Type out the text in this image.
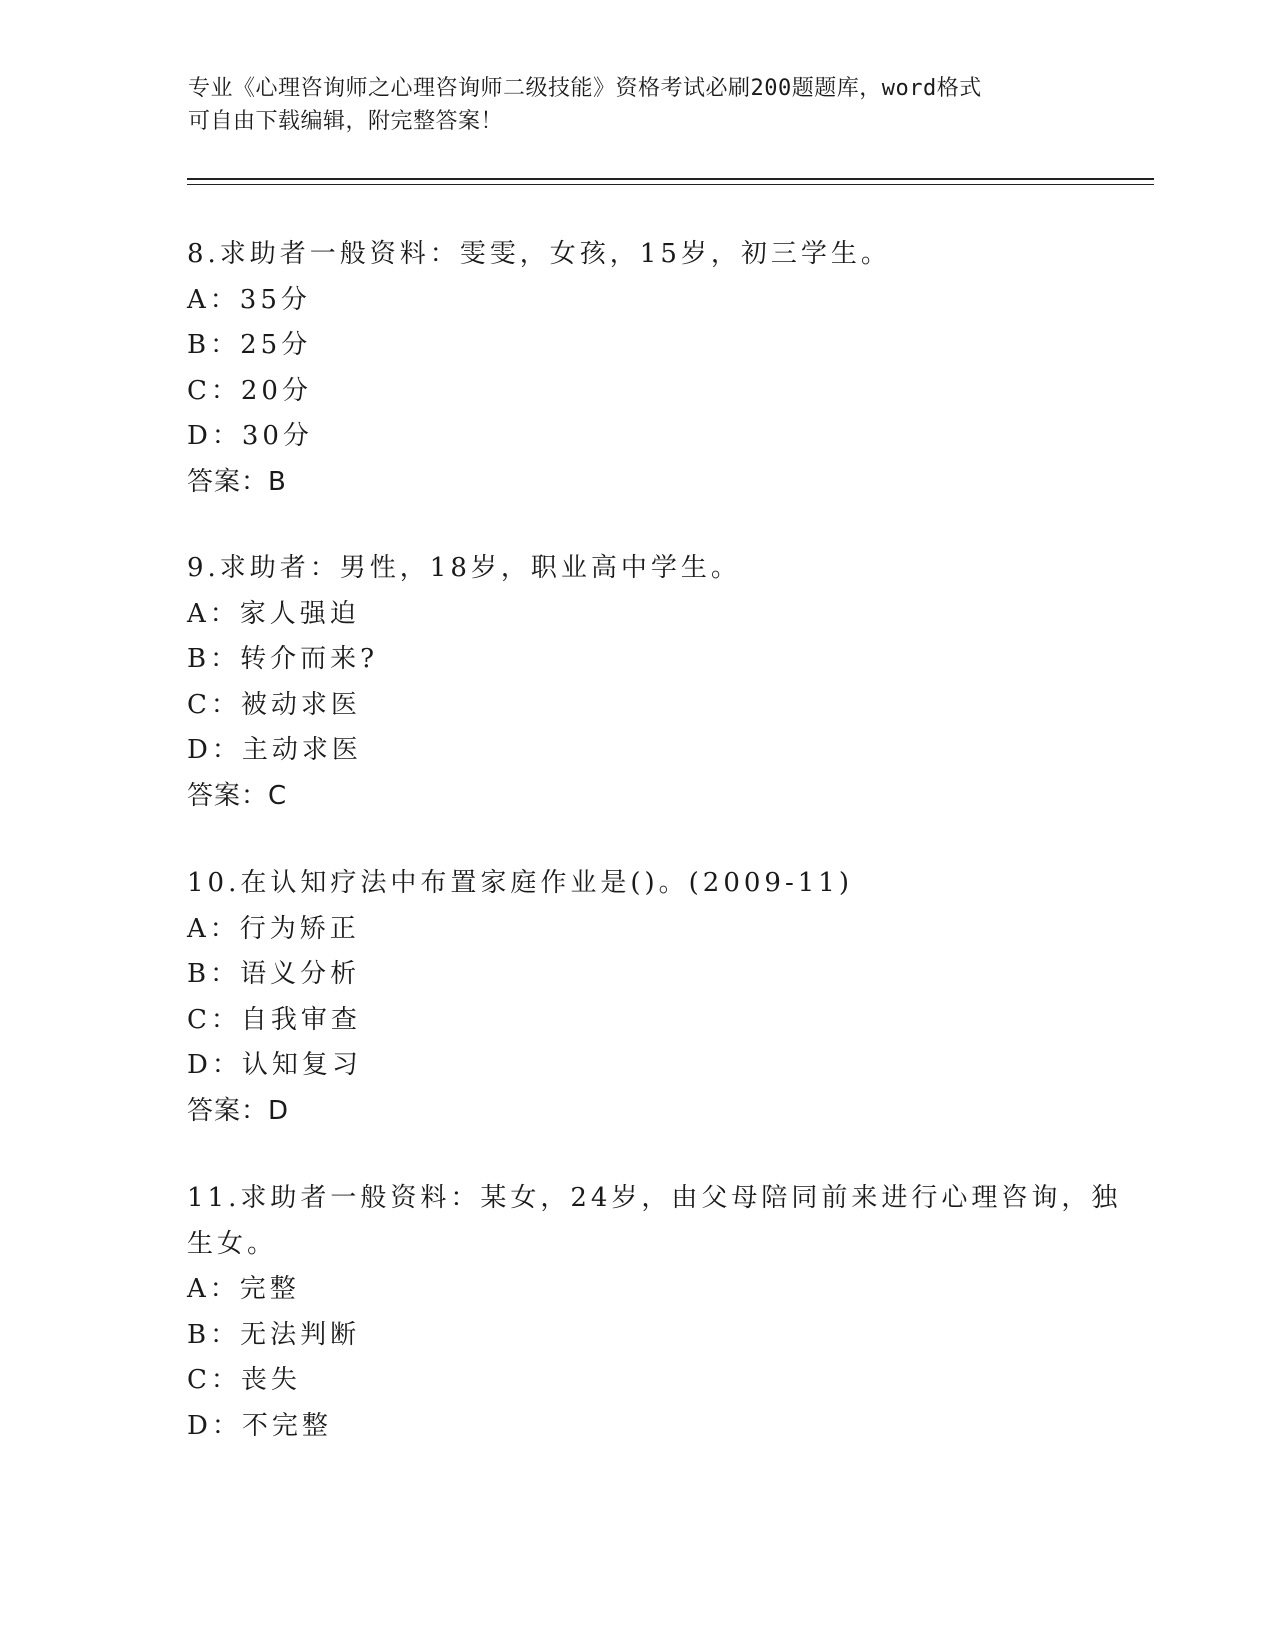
专业《心理咨询师之心理咨询师二级技能》资格考试必刷200题题库，word格式

可自由下载编辑，附完整答案！

8.求助者一般资料：雯雯，女孩，15岁，初三学生。
A：35分
B：25分
C：20分
D：30分
答案：B
9.求助者：男性，18岁，职业高中学生。
A：家人强迫
B：转介而来?
C：被动求医
D：主动求医
答案：C
10.在认知疗法中布置家庭作业是()。(2009-11)
A：行为矫正
B：语义分析
C：自我审查
D：认知复习
答案：D
11.求助者一般资料：某女，24岁，由父母陪同前来进行心理咨询，独
生女。
A：完整
B：无法判断
C：丧失
D：不完整
